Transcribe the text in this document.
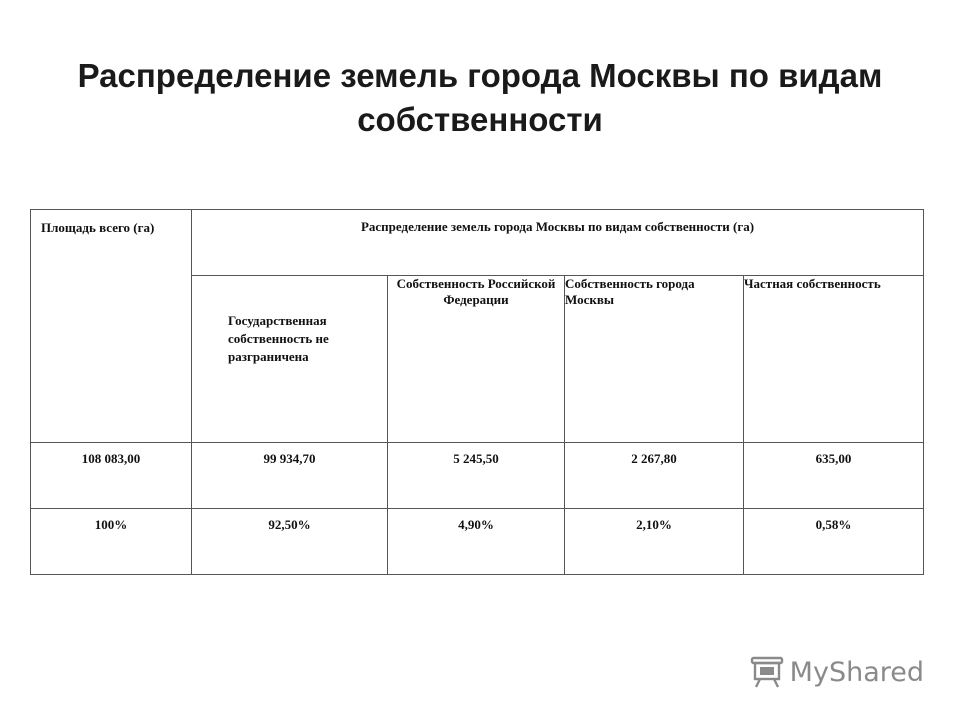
Распределение земель города Москвы по видам собственности
Площадь всего (га)	Распределение земель города Москвы по видам собственности (га)			
	Государственная собственность не разграничена	Собственность Российской Федерации	Собственность города Москвы	Частная собственность
108 083,00	99 934,70	5 245,50	2 267,80	635,00
100%	92,50%	4,90%	2,10%	0,58%
MyShared
